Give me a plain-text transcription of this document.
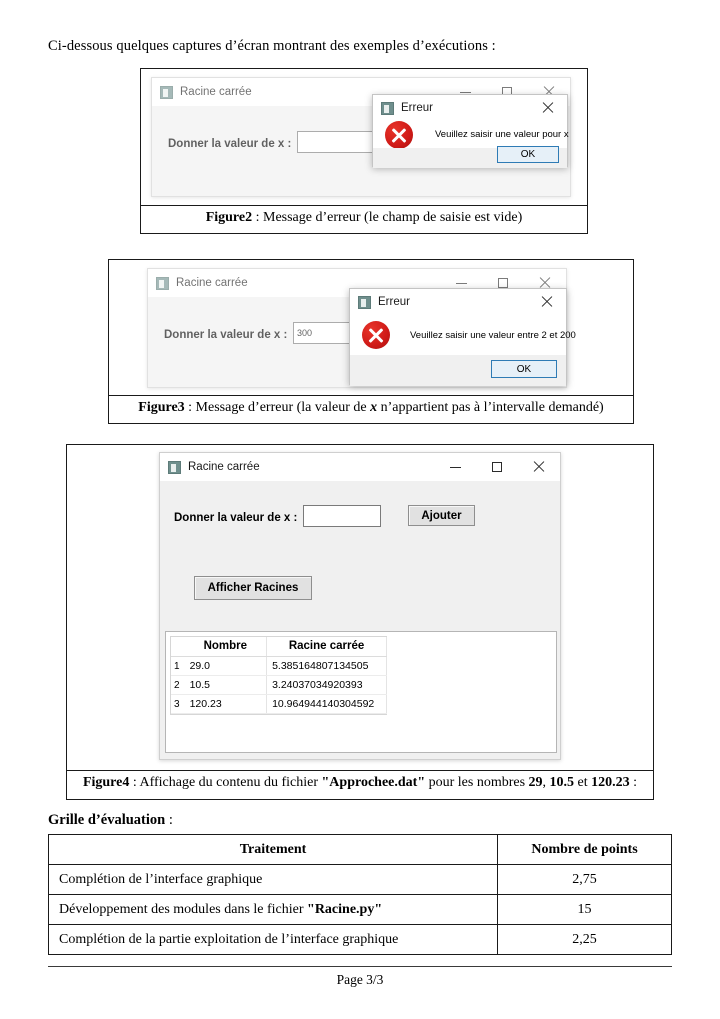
Ci-dessous quelques captures d’écran montrant des exemples d’exécutions :
Racine carrée
Donner la valeur de x :
Erreur
Veuillez saisir une valeur pour x
OK
Figure2 : Message d’erreur (le champ de saisie est vide)
Racine carrée
Donner la valeur de x :	300
Erreur
Veuillez saisir une valeur entre 2 et 200
OK
Figure3 : Message d’erreur (la valeur de x n’appartient pas à l’intervalle demandé)
Racine carrée
Donner la valeur de x :	Ajouter
Afficher Racines
	Nombre	Racine carrée
1	29.0	5.385164807134505
2	10.5	3.24037034920393
3	120.23	10.964944140304592
Figure4 : Affichage du contenu du fichier "Approchee.dat" pour les nombres 29, 10.5 et 120.23 :
Grille d’évaluation :
Traitement	Nombre de points
Complétion de l’interface graphique	2,75
Développement des modules dans le fichier "Racine.py"	15
Complétion de la partie exploitation de l’interface graphique	2,25
Page 3/3
